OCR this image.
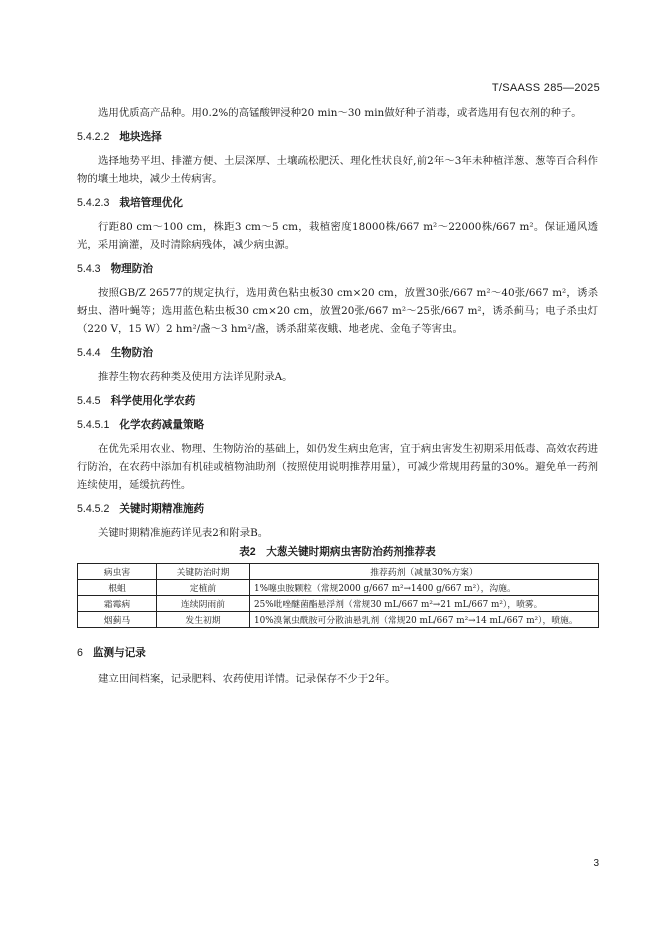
T/SAASS 285—2025

选用优质高产品种。用0.2%的高锰酸钾浸种20 min～30 min做好种子消毒，或者选用有包衣剂的种子。

5.4.2.2 地块选择

选择地势平坦、排灌方便、土层深厚、土壤疏松肥沃、理化性状良好,前2年～3年未种植洋葱、葱等百合科作物的壤土地块，减少土传病害。

5.4.2.3 栽培管理优化

行距80 cm～100 cm，株距3 cm～5 cm，栽植密度18000株/667 m²～22000株/667 m²。保证通风透光，采用滴灌，及时清除病残体，减少病虫源。

5.4.3 物理防治

按照GB/Z 26577的规定执行，选用黄色粘虫板30 cm×20 cm，放置30张/667 m²～40张/667 m²，诱杀蚜虫、潜叶蝇等；选用蓝色粘虫板30 cm×20 cm，放置20张/667 m²～25张/667 m²，诱杀蓟马；电子杀虫灯（220 V，15 W）2 hm²/盏～3 hm²/盏，诱杀甜菜夜蛾、地老虎、金龟子等害虫。

5.4.4 生物防治

推荐生物农药种类及使用方法详见附录A。

5.4.5 科学使用化学农药

5.4.5.1 化学农药减量策略

在优先采用农业、物理、生物防治的基础上，如仍发生病虫危害，宜于病虫害发生初期采用低毒、高效农药进行防治，在农药中添加有机硅或植物油助剂（按照使用说明推荐用量），可减少常规用药量的30%。避免单一药剂连续使用，延缓抗药性。

5.4.5.2 关键时期精准施药

关键时期精准施药详见表2和附录B。

表2　大葱关键时期病虫害防治药剂推荐表
病虫害	关键防治时期	推荐药剂（减量30%方案）
根蛆	定植前	1%噻虫胺颗粒（常规2000 g/667 m²→1400 g/667 m²），沟施。
霜霉病	连续阴雨前	25%吡唑醚菌酯悬浮剂（常规30 mL/667 m²→21 mL/667 m²），喷雾。
烟蓟马	发生初期	10%溴氰虫酰胺可分散油悬乳剂（常规20 mL/667 m²→14 mL/667 m²），喷施。

6 监测与记录

建立田间档案，记录肥料、农药使用详情。记录保存不少于2年。

3
